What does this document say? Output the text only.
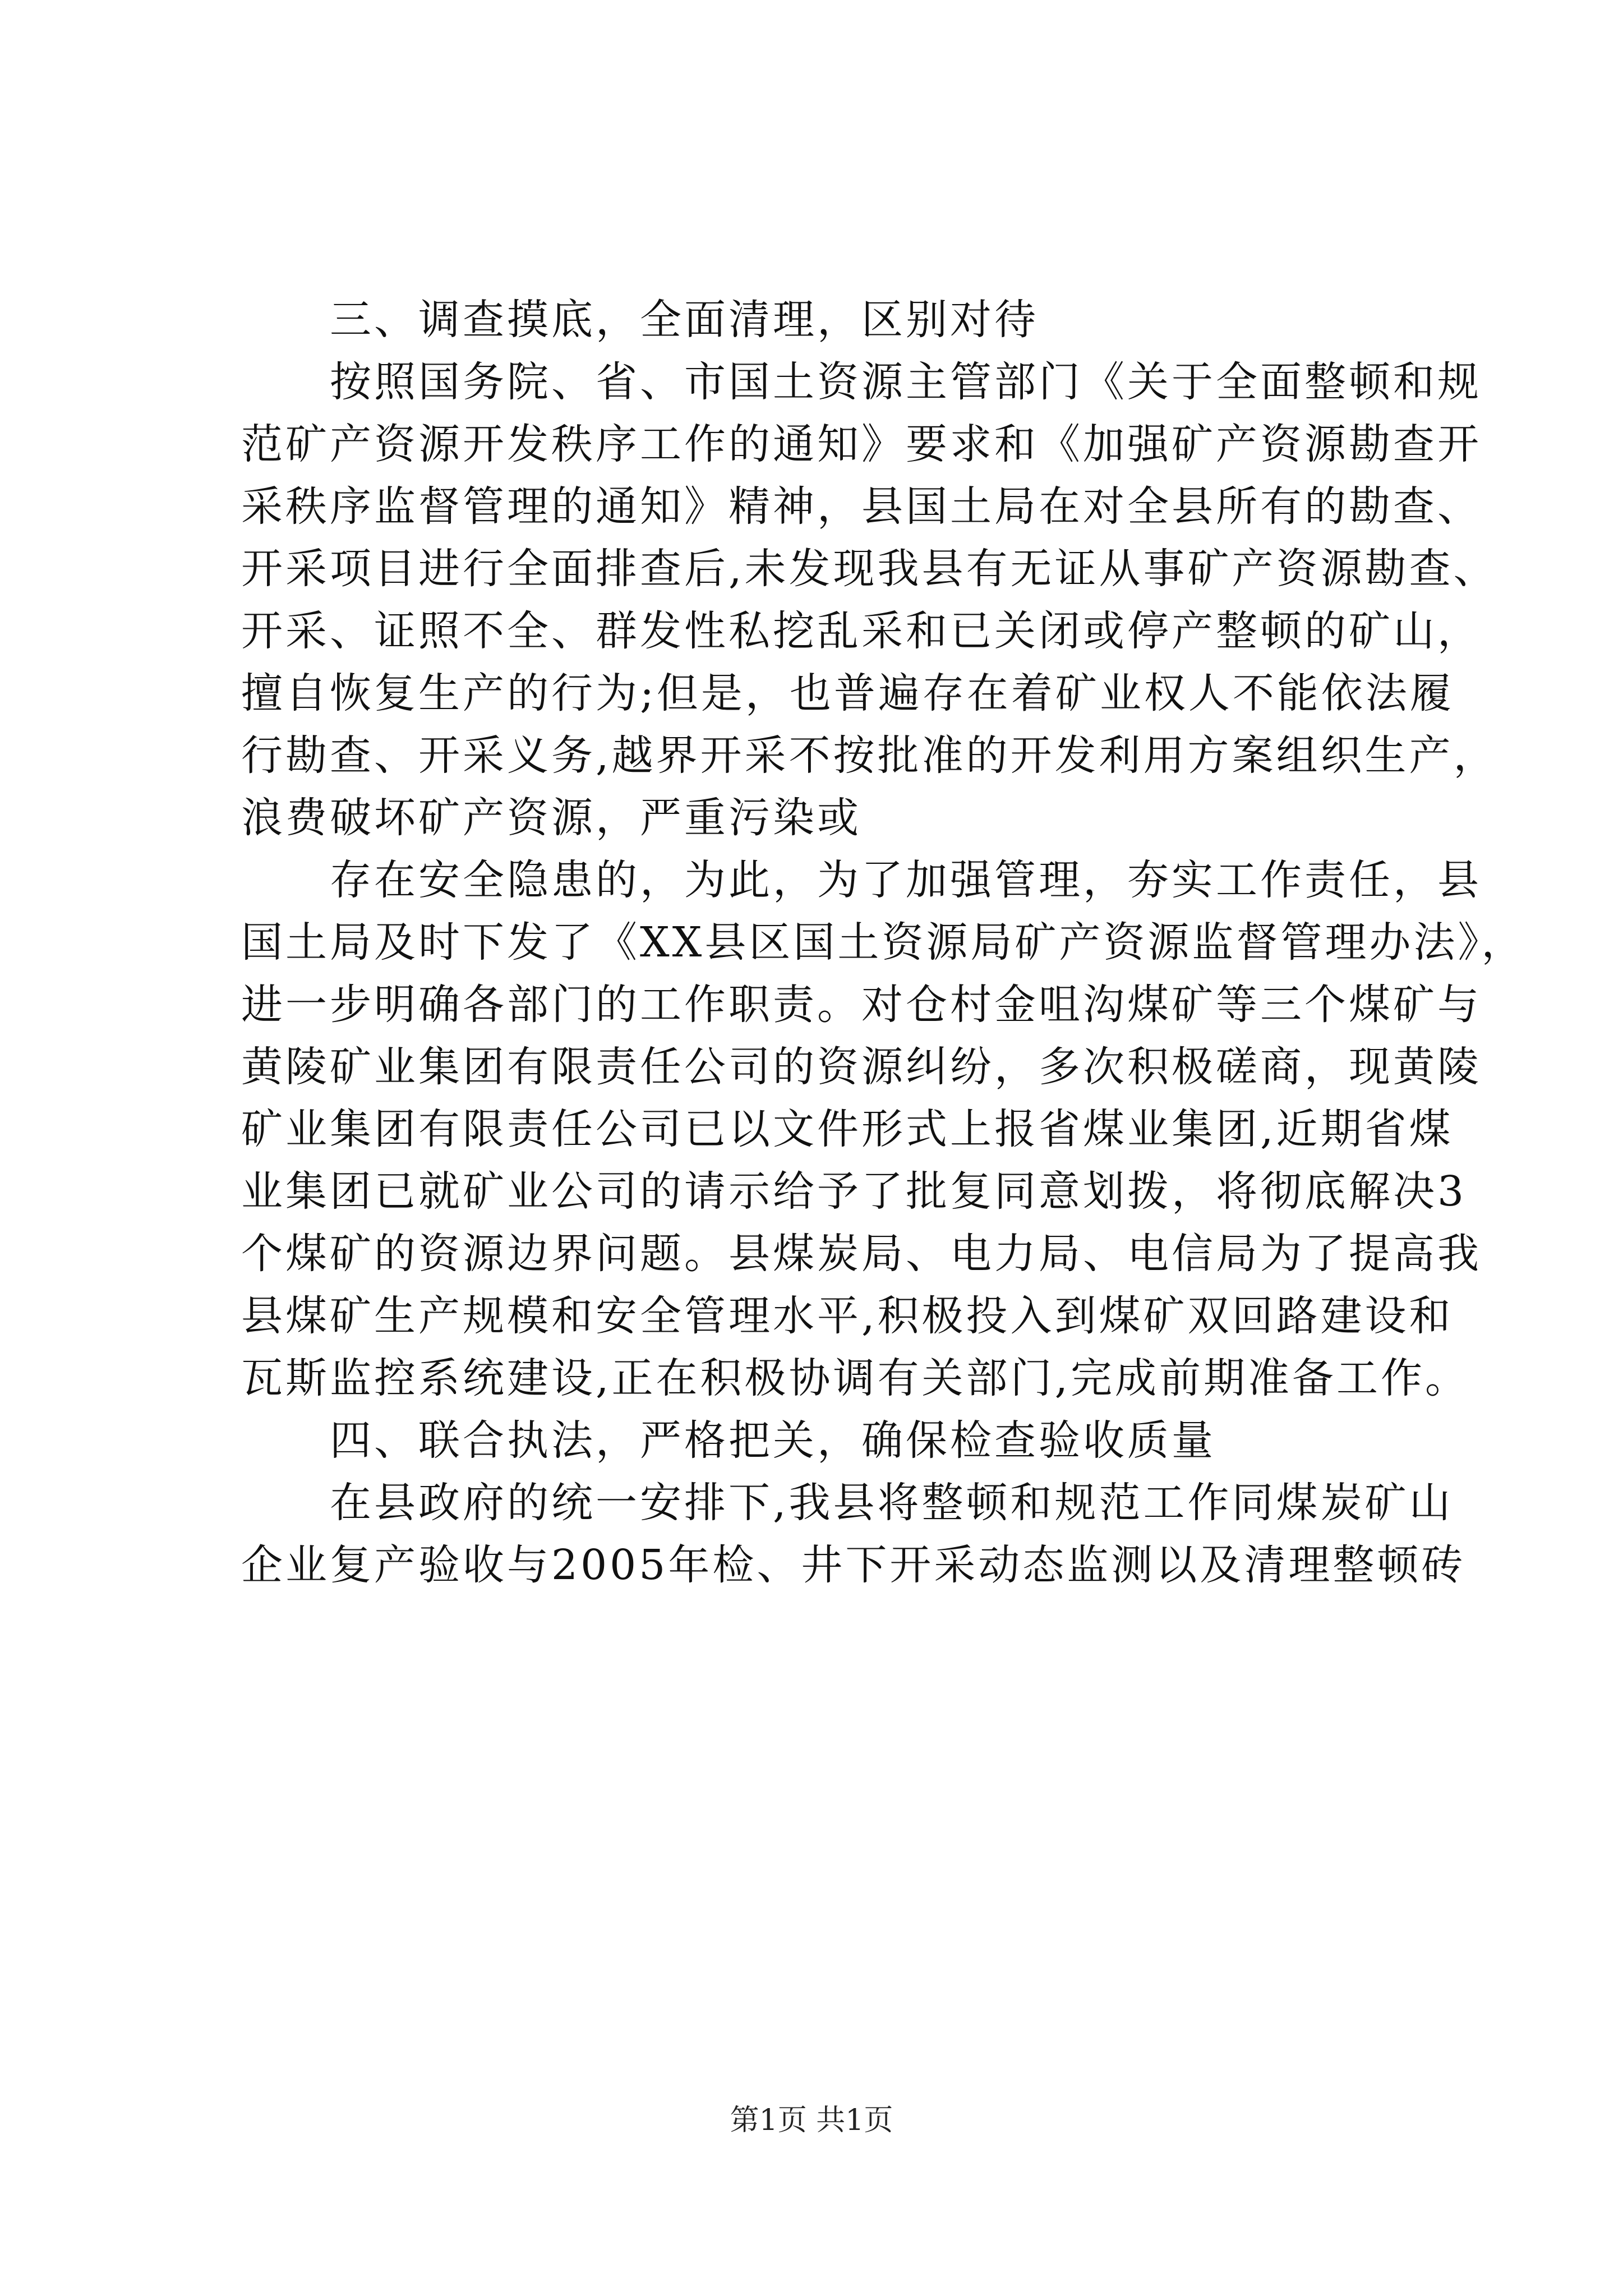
　　三、调查摸底，全面清理，区别对待
　　按照国务院、省、市国土资源主管部门《关于全面整顿和规
范矿产资源开发秩序工作的通知》要求和《加强矿产资源勘查开
采秩序监督管理的通知》精神，县国土局在对全县所有的勘查、
开采项目进行全面排查后,未发现我县有无证从事矿产资源勘查、
开采、证照不全、群发性私挖乱采和已关闭或停产整顿的矿山，
擅自恢复生产的行为;但是，也普遍存在着矿业权人不能依法履
行勘查、开采义务,越界开采不按批准的开发利用方案组织生产，
浪费破坏矿产资源，严重污染或
　　存在安全隐患的，为此，为了加强管理，夯实工作责任，县
国土局及时下发了《XX县区国土资源局矿产资源监督管理办法》，
进一步明确各部门的工作职责。对仓村金咀沟煤矿等三个煤矿与
黄陵矿业集团有限责任公司的资源纠纷，多次积极磋商，现黄陵
矿业集团有限责任公司已以文件形式上报省煤业集团,近期省煤
业集团已就矿业公司的请示给予了批复同意划拨，将彻底解决3
个煤矿的资源边界问题。县煤炭局、电力局、电信局为了提高我
县煤矿生产规模和安全管理水平,积极投入到煤矿双回路建设和
瓦斯监控系统建设,正在积极协调有关部门,完成前期准备工作。
　　四、联合执法，严格把关，确保检查验收质量
　　在县政府的统一安排下,我县将整顿和规范工作同煤炭矿山
企业复产验收与2005年检、井下开采动态监测以及清理整顿砖
第1页 共1页
